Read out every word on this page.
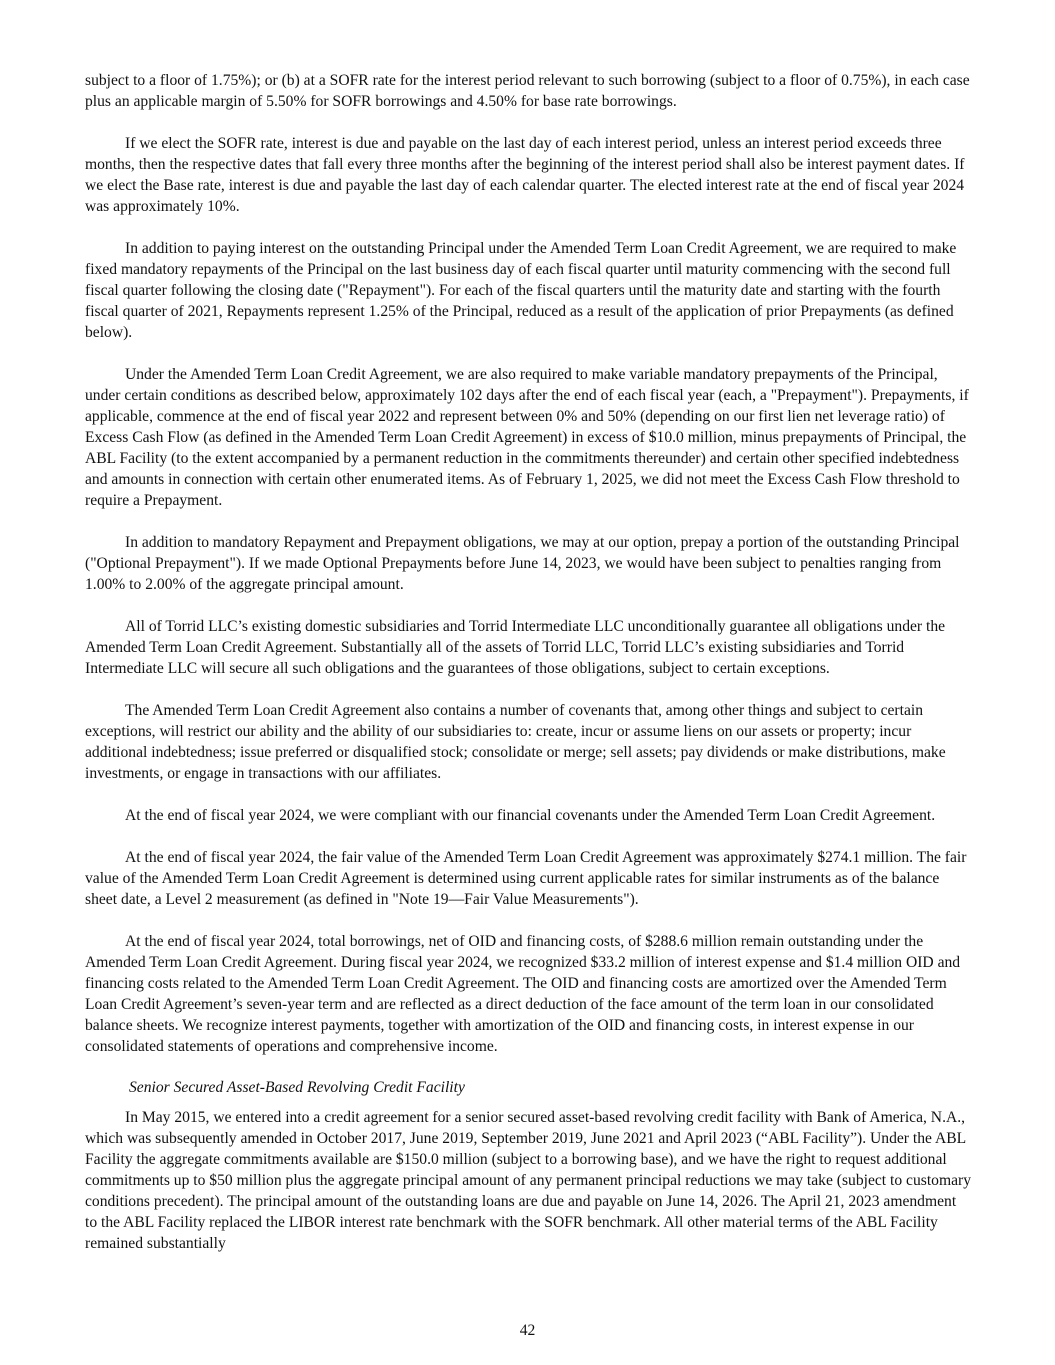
subject to a floor of 1.75%); or (b) at a SOFR rate for the interest period relevant to such borrowing (subject to a floor of 0.75%), in each case plus an applicable margin of 5.50% for SOFR borrowings and 4.50% for base rate borrowings.

If we elect the SOFR rate, interest is due and payable on the last day of each interest period, unless an interest period exceeds three months, then the respective dates that fall every three months after the beginning of the interest period shall also be interest payment dates. If we elect the Base rate, interest is due and payable the last day of each calendar quarter. The elected interest rate at the end of fiscal year 2024 was approximately 10%.

In addition to paying interest on the outstanding Principal under the Amended Term Loan Credit Agreement, we are required to make fixed mandatory repayments of the Principal on the last business day of each fiscal quarter until maturity commencing with the second full fiscal quarter following the closing date ("Repayment"). For each of the fiscal quarters until the maturity date and starting with the fourth fiscal quarter of 2021, Repayments represent 1.25% of the Principal, reduced as a result of the application of prior Prepayments (as defined below).

Under the Amended Term Loan Credit Agreement, we are also required to make variable mandatory prepayments of the Principal, under certain conditions as described below, approximately 102 days after the end of each fiscal year (each, a "Prepayment"). Prepayments, if applicable, commence at the end of fiscal year 2022 and represent between 0% and 50% (depending on our first lien net leverage ratio) of Excess Cash Flow (as defined in the Amended Term Loan Credit Agreement) in excess of $10.0 million, minus prepayments of Principal, the ABL Facility (to the extent accompanied by a permanent reduction in the commitments thereunder) and certain other specified indebtedness and amounts in connection with certain other enumerated items. As of February 1, 2025, we did not meet the Excess Cash Flow threshold to require a Prepayment.

In addition to mandatory Repayment and Prepayment obligations, we may at our option, prepay a portion of the outstanding Principal ("Optional Prepayment"). If we made Optional Prepayments before June 14, 2023, we would have been subject to penalties ranging from 1.00% to 2.00% of the aggregate principal amount.

All of Torrid LLC’s existing domestic subsidiaries and Torrid Intermediate LLC unconditionally guarantee all obligations under the Amended Term Loan Credit Agreement. Substantially all of the assets of Torrid LLC, Torrid LLC’s existing subsidiaries and Torrid Intermediate LLC will secure all such obligations and the guarantees of those obligations, subject to certain exceptions.

The Amended Term Loan Credit Agreement also contains a number of covenants that, among other things and subject to certain exceptions, will restrict our ability and the ability of our subsidiaries to: create, incur or assume liens on our assets or property; incur additional indebtedness; issue preferred or disqualified stock; consolidate or merge; sell assets; pay dividends or make distributions, make investments, or engage in transactions with our affiliates.

At the end of fiscal year 2024, we were compliant with our financial covenants under the Amended Term Loan Credit Agreement.

At the end of fiscal year 2024, the fair value of the Amended Term Loan Credit Agreement was approximately $274.1 million. The fair value of the Amended Term Loan Credit Agreement is determined using current applicable rates for similar instruments as of the balance sheet date, a Level 2 measurement (as defined in "Note 19—Fair Value Measurements").

At the end of fiscal year 2024, total borrowings, net of OID and financing costs, of $288.6 million remain outstanding under the Amended Term Loan Credit Agreement. During fiscal year 2024, we recognized $33.2 million of interest expense and $1.4 million OID and financing costs related to the Amended Term Loan Credit Agreement. The OID and financing costs are amortized over the Amended Term Loan Credit Agreement’s seven-year term and are reflected as a direct deduction of the face amount of the term loan in our consolidated balance sheets. We recognize interest payments, together with amortization of the OID and financing costs, in interest expense in our consolidated statements of operations and comprehensive income.

Senior Secured Asset-Based Revolving Credit Facility

In May 2015, we entered into a credit agreement for a senior secured asset-based revolving credit facility with Bank of America, N.A., which was subsequently amended in October 2017, June 2019, September 2019, June 2021 and April 2023 (“ABL Facility”). Under the ABL Facility the aggregate commitments available are $150.0 million (subject to a borrowing base), and we have the right to request additional commitments up to $50 million plus the aggregate principal amount of any permanent principal reductions we may take (subject to customary conditions precedent). The principal amount of the outstanding loans are due and payable on June 14, 2026. The April 21, 2023 amendment to the ABL Facility replaced the LIBOR interest rate benchmark with the SOFR benchmark. All other material terms of the ABL Facility remained substantially

42
